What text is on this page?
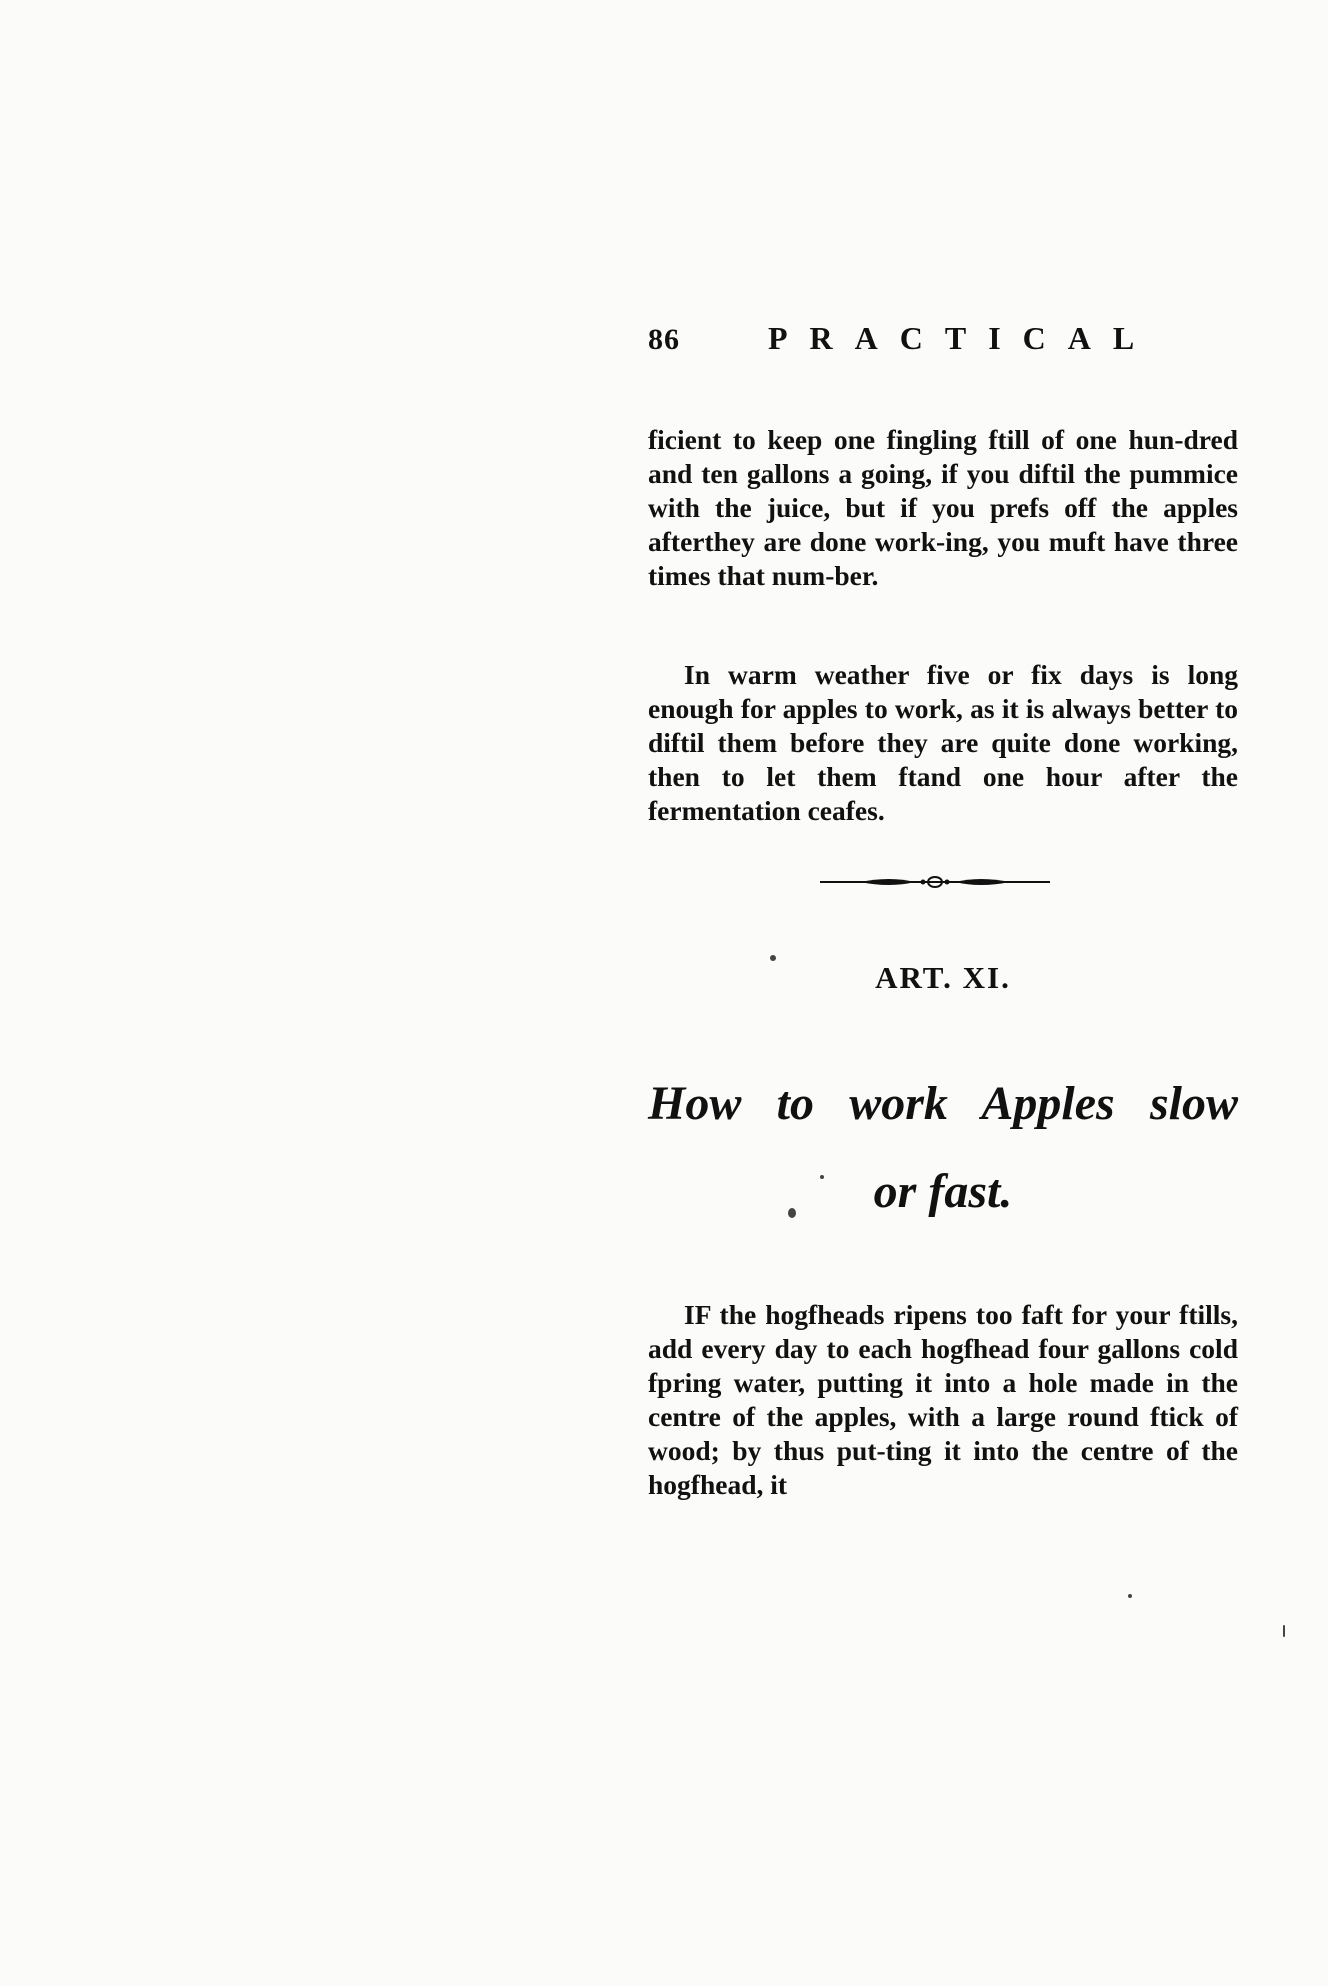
86	PRACTICAL

ficient to keep one fingling ftill of one hun-dred and ten gallons a going, if you diftil the pummice with the juice, but if you prefs off the apples afterthey are done work-ing, you muft have three times that num-ber.

In warm weather five or fix days is long enough for apples to work, as it is always better to diftil them before they are quite done working, then to let them ftand one hour after the fermentation ceafes.

ART. XI.
How to work Apples slow
or fast.

IF the hogfheads ripens too faft for your ftills, add every day to each hogfhead four gallons cold fpring water, putting it into a hole made in the centre of the apples, with a large round ftick of wood; by thus put-ting it into the centre of the hogfhead, it
